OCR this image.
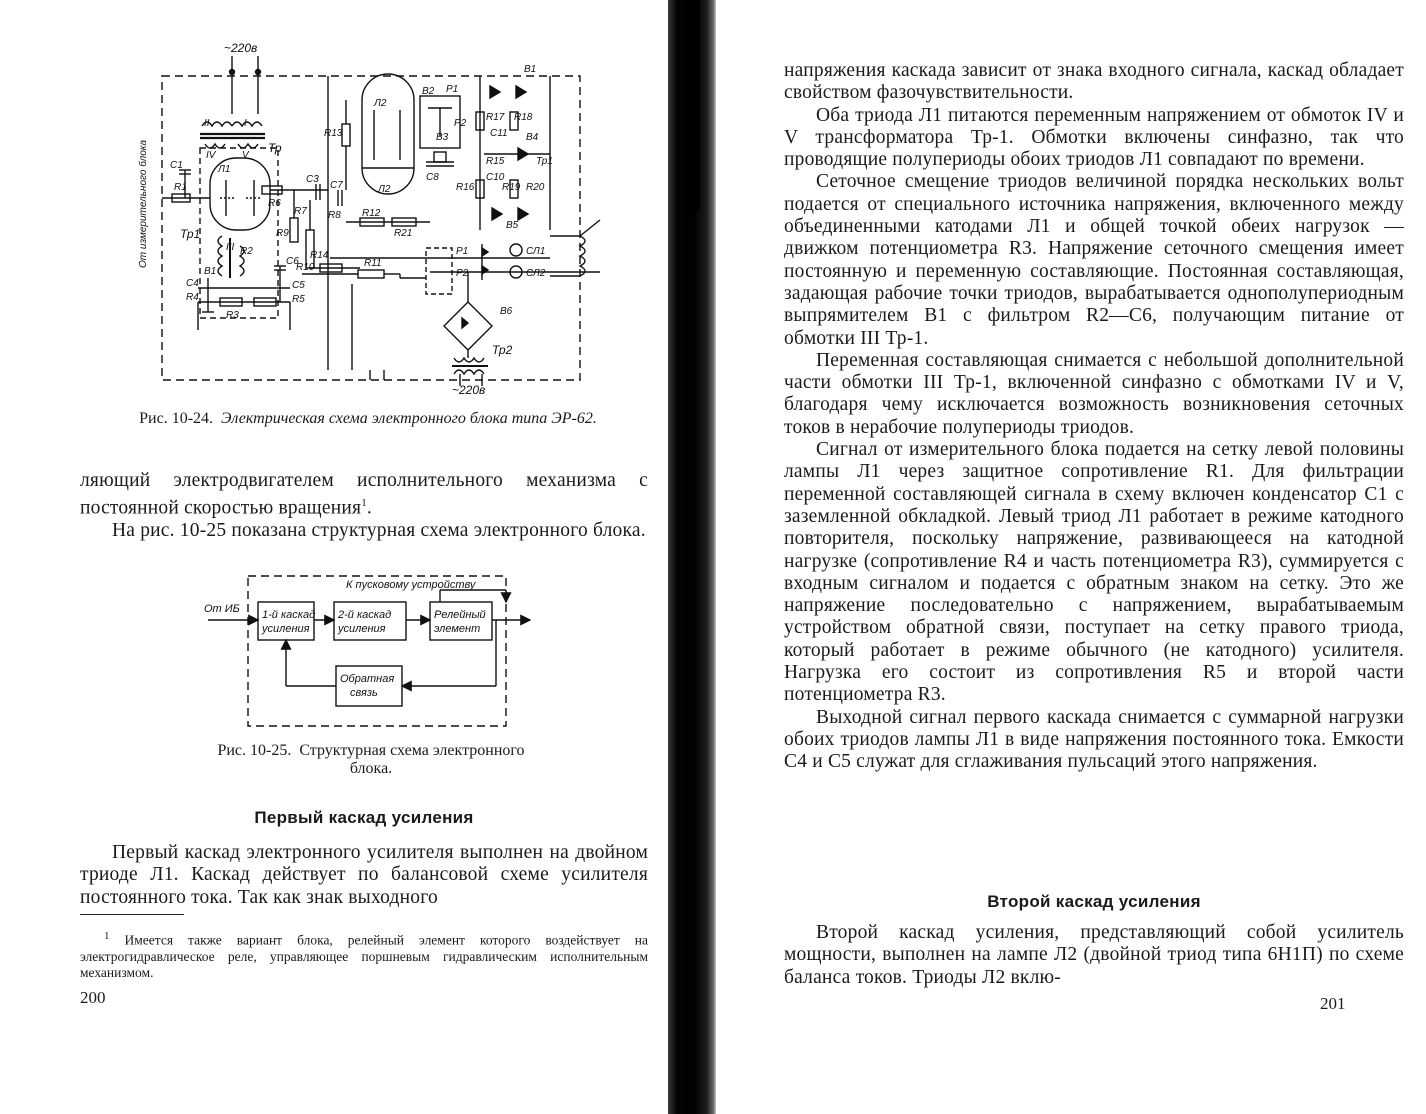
~220в
~220в
От измерительного блока	Тр
Тр2
Тр1
Л1
Л2
Л2
II	I
IV	V
III
C1
R1
R6
R9
R7 R8
C3
C7
R13
R14
R12
R21
R11
C4
R4
R3
C5
R5
C6
R2
B1
B1
B2
B3	B4
B5
B6
P1
P2
P1
P2
C8
R10
R15
R16
R17 R18
R19 R20
C10
C11
Тр1
СЛ1
СЛ2
Рис. 10-24. Электрическая схема электронного блока типа ЭР-62.

ляющий электродвигателем исполнительного механизма с постоянной скоростью вращения$^1$.

На рис. 10-25 показана структурная схема электронного блока.

От ИБ
К пусковому устройству
1-й каскад
усиления
2-й каскад
усиления
Релейный
элемент
Обратная
связь
Рис. 10-25. Структурная схема электронного блока.
Первый каскад усиления
Первый каскад электронного усилителя выполнен на двойном триоде Л1. Каскад действует по балансовой схеме усилителя постоянного тока. Так как знак выходного
$^1$ Имеется также вариант блока, релейный элемент которого воздействует на электрогидравлическое реле, управляющее поршневым гидравлическим исполнительным механизмом.
200

напряжения каскада зависит от знака входного сигнала, каскад обладает свойством фазочувствительности.

Оба триода Л1 питаются переменным напряжением от обмоток IV и V трансформатора Тр-1. Обмотки включены синфазно, так что проводящие полупериоды обоих триодов Л1 совпадают по времени.

Сеточное смещение триодов величиной порядка нескольких вольт подается от специального источника напряжения, включенного между объединенными катодами Л1 и общей точкой обеих нагрузок — движком потенциометра R3. Напряжение сеточного смещения имеет постоянную и переменную составляющие. Постоянная составляющая, задающая рабочие точки триодов, вырабатывается однополупериодным выпрямителем B1 с фильтром R2—C6, получающим питание от обмотки III Тр-1.

Переменная составляющая снимается с небольшой дополнительной части обмотки III Тр-1, включенной синфазно с обмотками IV и V, благодаря чему исключается возможность возникновения сеточных токов в нерабочие полупериоды триодов.

Сигнал от измерительного блока подается на сетку левой половины лампы Л1 через защитное сопротивление R1. Для фильтрации переменной составляющей сигнала в схему включен конденсатор C1 с заземленной обкладкой. Левый триод Л1 работает в режиме катодного повторителя, поскольку напряжение, развивающееся на катодной нагрузке (сопротивление R4 и часть потенциометра R3), суммируется с входным сигналом и подается с обратным знаком на сетку. Это же напряжение последовательно с напряжением, вырабатываемым устройством обратной связи, поступает на сетку правого триода, который работает в режиме обычного (не катодного) усилителя. Нагрузка его состоит из сопротивления R5 и второй части потенциометра R3.

Выходной сигнал первого каскада снимается с суммарной нагрузки обоих триодов лампы Л1 в виде напряжения постоянного тока. Емкости C4 и C5 служат для сглаживания пульсаций этого напряжения.

Второй каскад усиления
Второй каскад усиления, представляющий собой усилитель мощности, выполнен на лампе Л2 (двойной триод типа 6Н1П) по схеме баланса токов. Триоды Л2 вклю-
201
